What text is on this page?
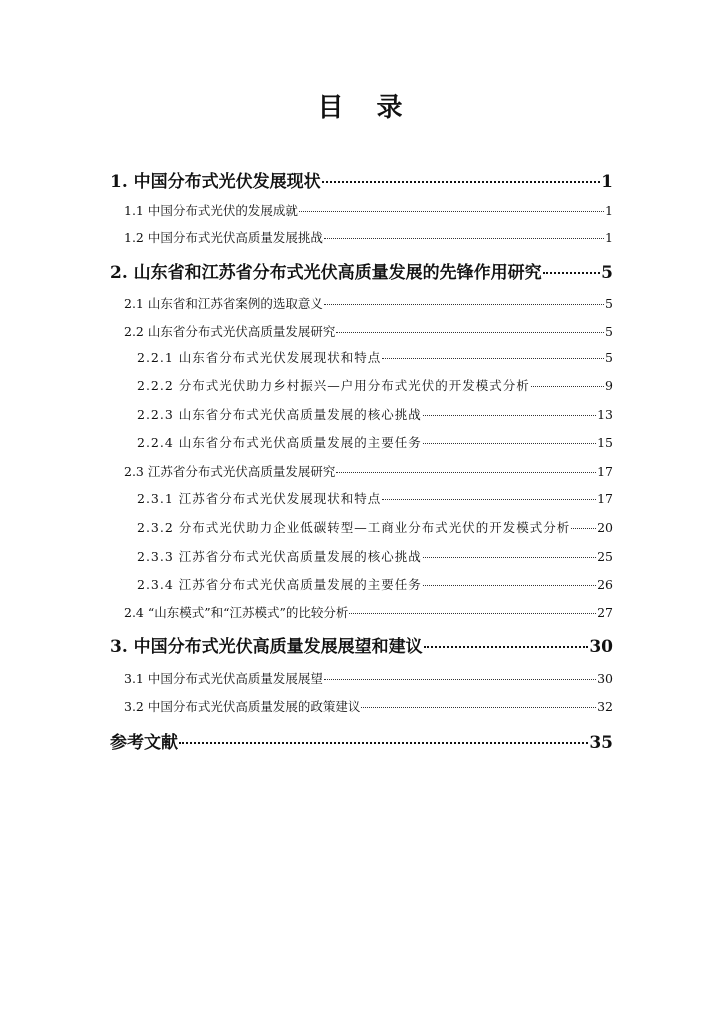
目 录
1. 中国分布式光伏发展现状	1
1.1 中国分布式光伏的发展成就	1
1.2 中国分布式光伏高质量发展挑战	1
2. 山东省和江苏省分布式光伏高质量发展的先锋作用研究	5
2.1 山东省和江苏省案例的选取意义	5
2.2 山东省分布式光伏高质量发展研究	5
2.2.1 山东省分布式光伏发展现状和特点	5
2.2.2 分布式光伏助力乡村振兴—户用分布式光伏的开发模式分析	9
2.2.3 山东省分布式光伏高质量发展的核心挑战	13
2.2.4 山东省分布式光伏高质量发展的主要任务	15
2.3 江苏省分布式光伏高质量发展研究	17
2.3.1 江苏省分布式光伏发展现状和特点	17
2.3.2 分布式光伏助力企业低碳转型—工商业分布式光伏的开发模式分析 20
2.3.3 江苏省分布式光伏高质量发展的核心挑战	25
2.3.4 江苏省分布式光伏高质量发展的主要任务	26
2.4 “山东模式”和“江苏模式”的比较分析	27
3. 中国分布式光伏高质量发展展望和建议	30
3.1 中国分布式光伏高质量发展展望	30
3.2 中国分布式光伏高质量发展的政策建议	32
参考文献	35
